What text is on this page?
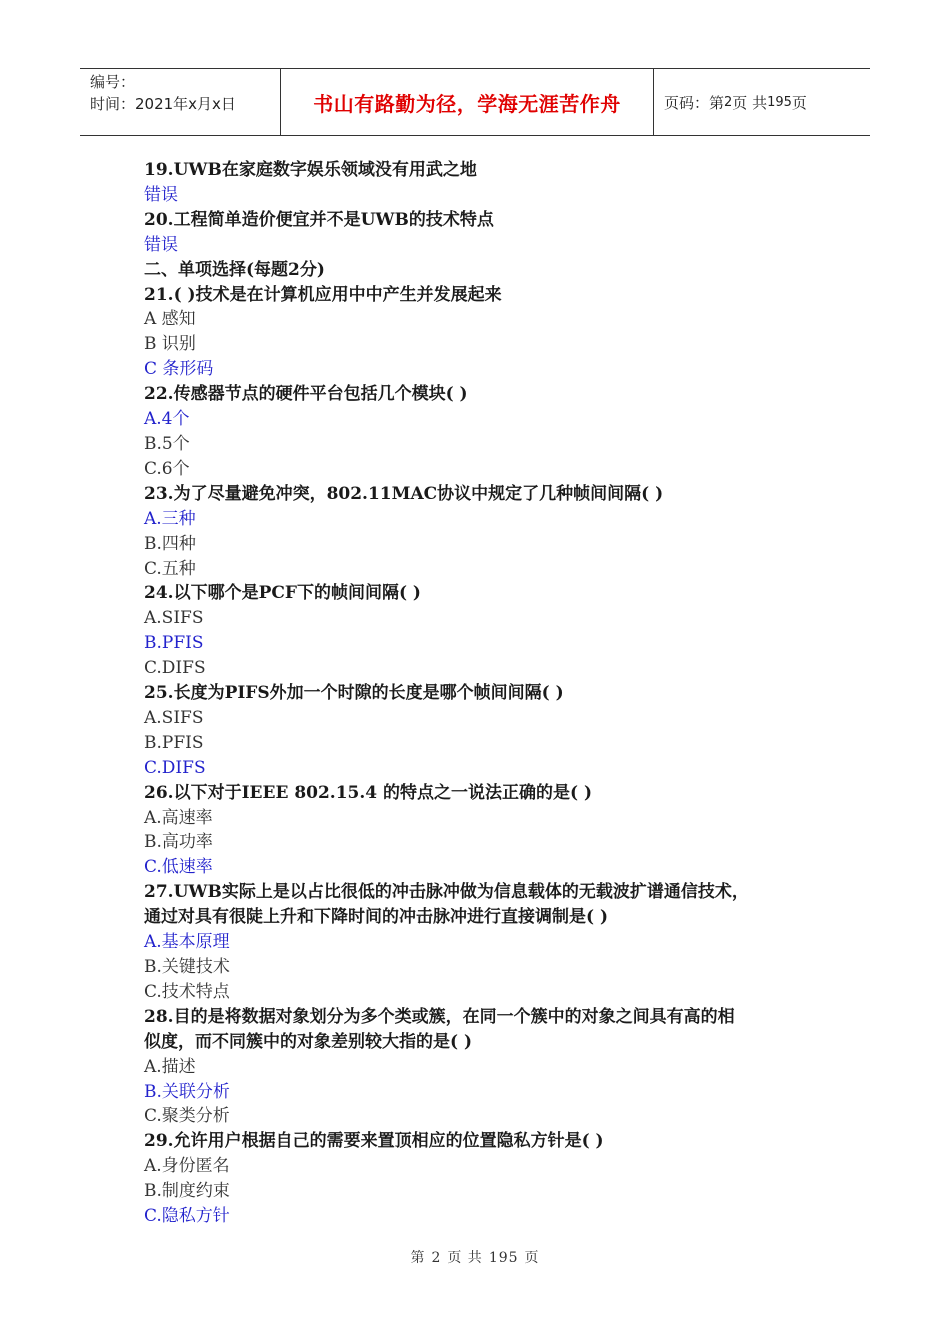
编号：
时间：2021年x月x日	书山有路勤为径，学海无涯苦作舟	页码：第 2 页 共 195 页
19.UWB在家庭数字娱乐领域没有用武之地
错误
20.工程简单造价便宜并不是UWB的技术特点
错误
二、单项选择(每题2分)
21.( )技术是在计算机应用中中产生并发展起来
A 感知
B 识别
C 条形码
22.传感器节点的硬件平台包括几个模块( )
A.4个
B.5个
C.6个
23.为了尽量避免冲突，802.11MAC协议中规定了几种帧间间隔( )
A.三种
B.四种
C.五种
24.以下哪个是PCF下的帧间间隔( )
A.SIFS
B.PFIS
C.DIFS
25.长度为PIFS外加一个时隙的长度是哪个帧间间隔( )
A.SIFS
B.PFIS
C.DIFS
26.以下对于IEEE 802.15.4 的特点之一说法正确的是( )
A.高速率
B.高功率
C.低速率
27.UWB实际上是以占比很低的冲击脉冲做为信息载体的无载波扩谱通信技术，
通过对具有很陡上升和下降时间的冲击脉冲进行直接调制是( )
A.基本原理
B.关键技术
C.技术特点
28.目的是将数据对象划分为多个类或簇，在同一个簇中的对象之间具有高的相
似度，而不同簇中的对象差别较大指的是( )
A.描述
B.关联分析
C.聚类分析
29.允许用户根据自己的需要来置顶相应的位置隐私方针是( )
A.身份匿名
B.制度约束
C.隐私方针
第 2 页 共 195 页
